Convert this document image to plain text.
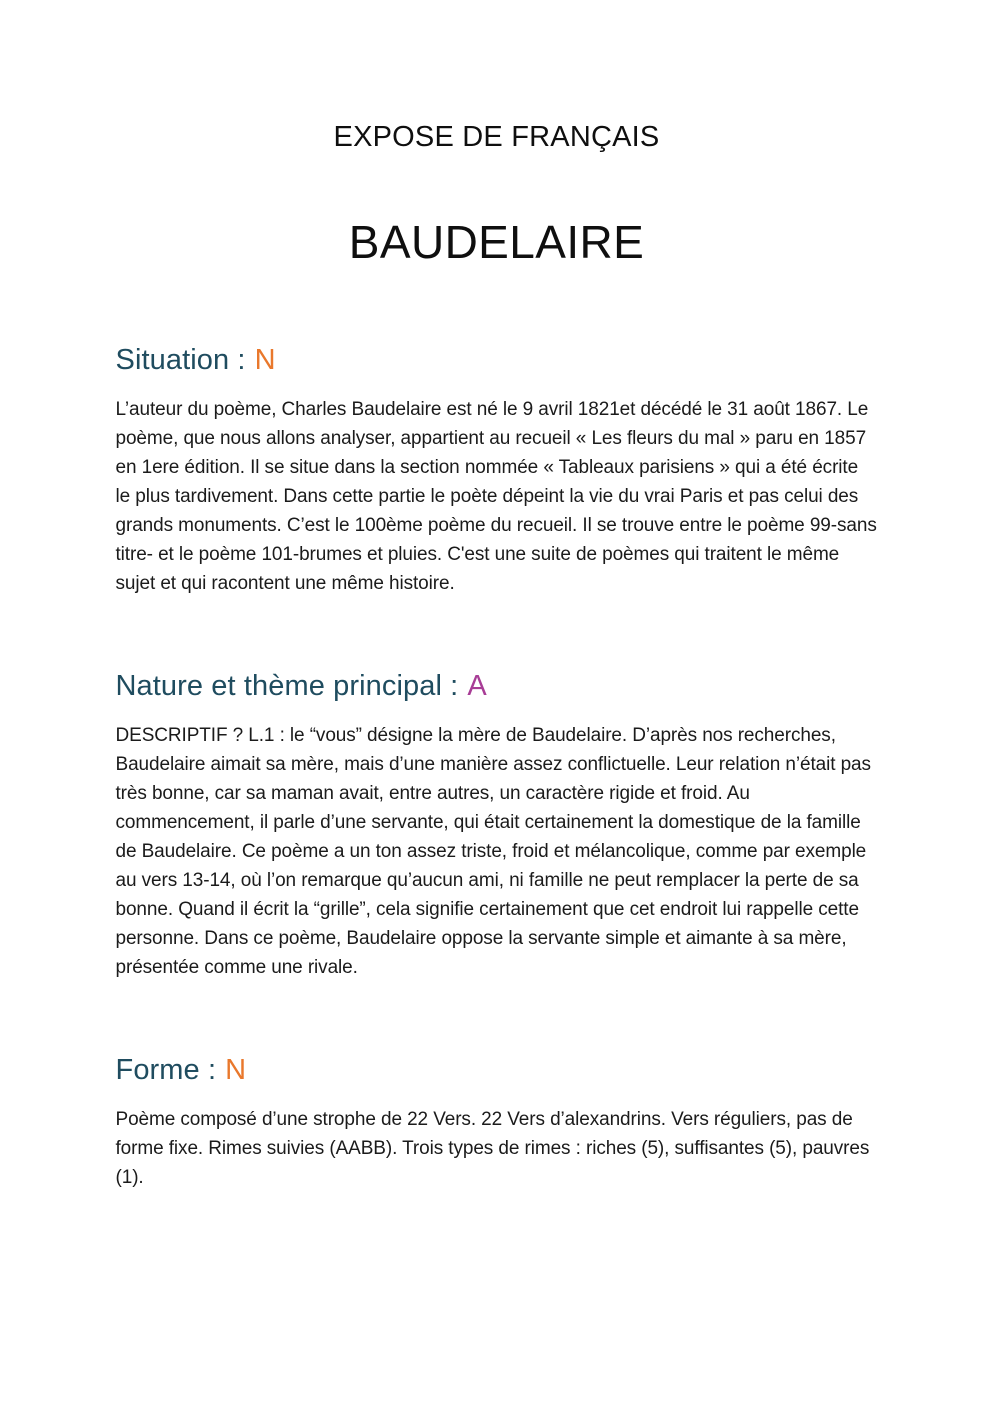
EXPOSE DE FRANÇAIS
BAUDELAIRE
Situation : N

L’auteur du poème, Charles Baudelaire est né le 9 avril 1821et décédé le 31 août 1867. Le poème, que nous allons analyser, appartient au recueil « Les fleurs du mal » paru en 1857 en 1ere édition. Il se situe dans la section nommée « Tableaux parisiens » qui a été écrite le plus tardivement. Dans cette partie le poète dépeint la vie du vrai Paris et pas celui des grands monuments. C’est le 100ème poème du recueil. Il se trouve entre le poème 99-sans titre- et le poème 101-brumes et pluies. C'est une suite de poèmes qui traitent le même sujet et qui racontent une même histoire.

Nature et thème principal : A

DESCRIPTIF ? L.1 : le “vous” désigne la mère de Baudelaire. D’après nos recherches, Baudelaire aimait sa mère, mais d’une manière assez conflictuelle. Leur relation n’était pas très bonne, car sa maman avait, entre autres, un caractère rigide et froid. Au commencement, il parle d’une servante, qui était certainement la domestique de la famille de Baudelaire. Ce poème a un ton assez triste, froid et mélancolique, comme par exemple au vers 13-14, où l’on remarque qu’aucun ami, ni famille ne peut remplacer la perte de sa bonne. Quand il écrit la “grille”, cela signifie certainement que cet endroit lui rappelle cette personne. Dans ce poème, Baudelaire oppose la servante simple et aimante à sa mère, présentée comme une rivale.

Forme : N

Poème composé d’une strophe de 22 Vers. 22 Vers d’alexandrins. Vers réguliers, pas de forme fixe. Rimes suivies (AABB). Trois types de rimes : riches (5), suffisantes (5), pauvres (1).
